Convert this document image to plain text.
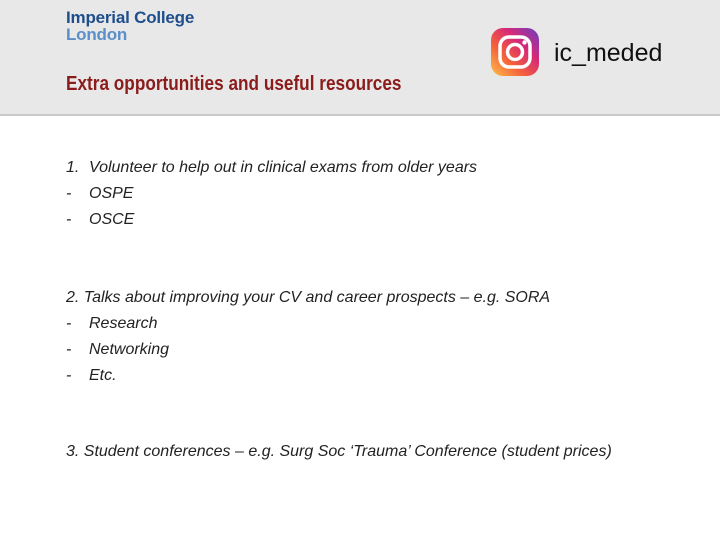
Imperial College
London
Extra opportunities and useful resources
ic_meded
1. Volunteer to help out in clinical exams from older years
- OSPE
- OSCE
2. Talks about improving your CV and career prospects – e.g. SORA
- Research
- Networking
- Etc.
3. Student conferences – e.g. Surg Soc ‘Trauma’ Conference (student prices)
